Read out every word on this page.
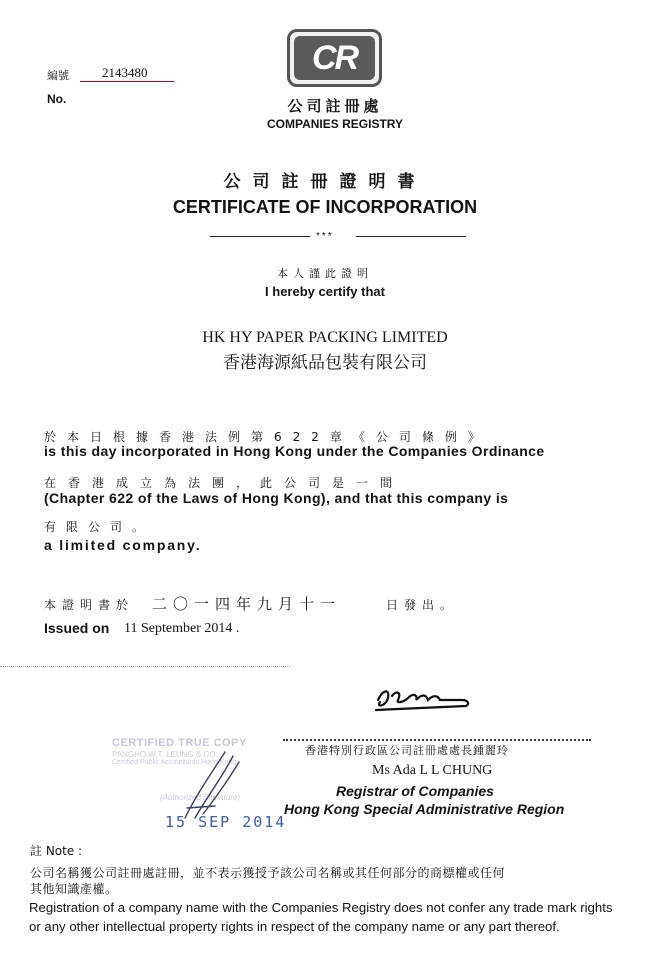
編號	2143480
No.
CR
公司註冊處
COMPANIES REGISTRY
公司註冊證明書
CERTIFICATE OF INCORPORATION
***
本人謹此證明
I hereby certify that
HK HY PAPER PACKING LIMITED
香港海源紙品包裝有限公司
於本日根據香港法例第622章《公司條例》
is this day incorporated in Hong Kong under the Companies Ordinance
在香港成立為法團，此公司是一間
(Chapter 622 of the Laws of Hong Kong), and that this company is
有限公司。
a limited company.
本證明書於 二〇一四年九月十一	日發出。
Issued on 11 September 2014 .
香港特別行政區公司註冊處處長鍾麗玲
Ms Ada L L CHUNG
Registrar of Companies
Hong Kong Special Administrative Region
CERTIFIED TRUE COPY
PANGHO W.T. LEUNG & CO.
Certified Public Accountants Hong Kong
(Authorized Signature)
15 SEP 2014
註 Note :
公司名稱獲公司註冊處註冊，並不表示獲授予該公司名稱或其任何部分的商標權或任何
其他知識產權。
Registration of a company name with the Companies Registry does not confer any trade mark rights
or any other intellectual property rights in respect of the company name or any part thereof.
